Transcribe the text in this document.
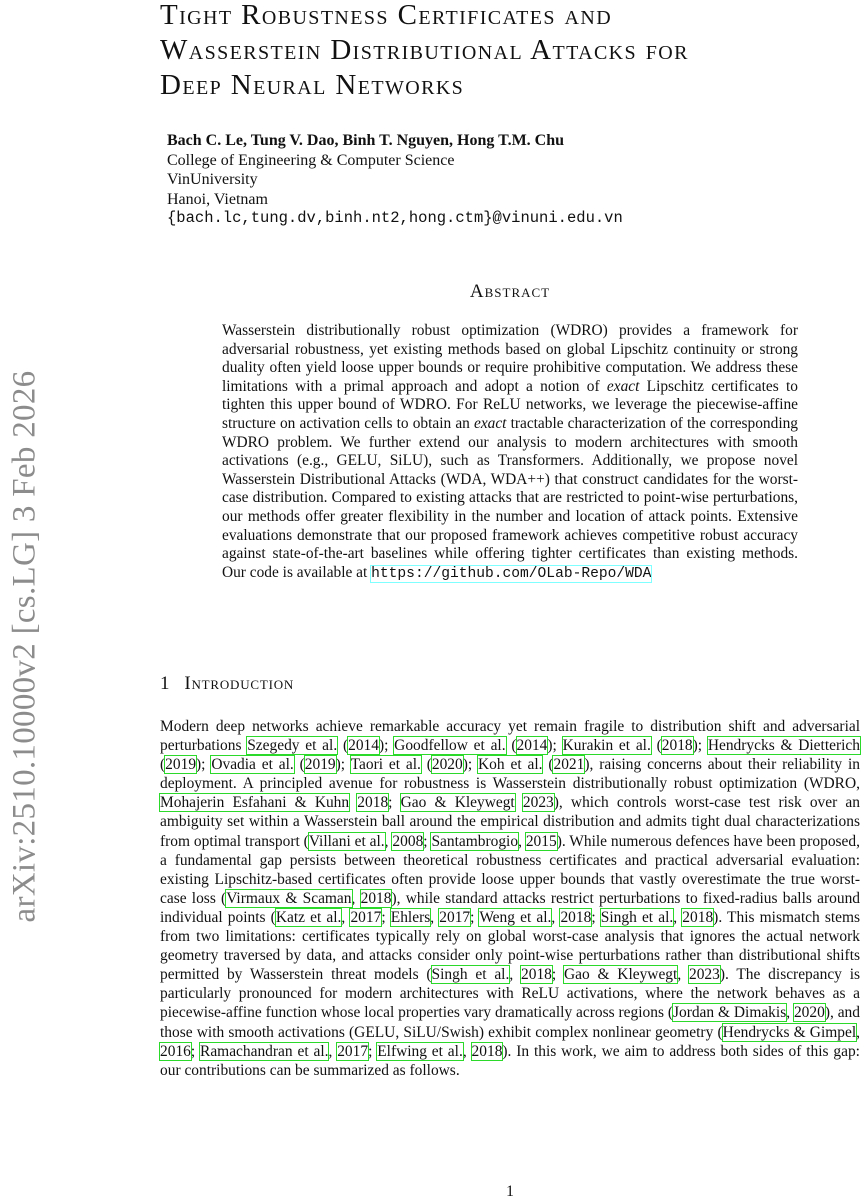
arXiv:2510.10000v2 [cs.LG] 3 Feb 2026
Tight Robustness Certificates and
Wasserstein Distributional Attacks for
Deep Neural Networks
Bach C. Le, Tung V. Dao, Binh T. Nguyen, Hong T.M. Chu
College of Engineering & Computer Science
VinUniversity
Hanoi, Vietnam
{bach.lc,tung.dv,binh.nt2,hong.ctm}@vinuni.edu.vn
Abstract
Wasserstein distributionally robust optimization (WDRO) provides a framework for adversarial robustness, yet existing methods based on global Lipschitz continuity or strong duality often yield loose upper bounds or require prohibitive computation. We address these limitations with a primal approach and adopt a notion of exact Lipschitz certificates to tighten this upper bound of WDRO. For ReLU networks, we leverage the piecewise-affine structure on activation cells to obtain an exact tractable characterization of the corresponding WDRO problem. We further extend our analysis to modern architectures with smooth activations (e.g., GELU, SiLU), such as Transformers. Additionally, we propose novel Wasserstein Distributional Attacks (WDA, WDA++) that construct candidates for the worst-case distribution. Compared to existing attacks that are restricted to point-wise perturbations, our methods offer greater flexibility in the number and location of attack points. Extensive evaluations demonstrate that our proposed framework achieves competitive robust accuracy against state-of-the-art baselines while offering tighter certificates than existing methods. Our code is available at https://github.com/OLab-Repo/WDA
1 Introduction
Modern deep networks achieve remarkable accuracy yet remain fragile to distribution shift and adversarial perturbations Szegedy et al. (2014); Goodfellow et al. (2014); Kurakin et al. (2018); Hendrycks & Dietterich (2019); Ovadia et al. (2019); Taori et al. (2020); Koh et al. (2021), raising concerns about their reliability in deployment. A principled avenue for robustness is Wasserstein distributionally robust optimization (WDRO, Mohajerin Esfahani & Kuhn 2018; Gao & Kleywegt 2023), which controls worst-case test risk over an ambiguity set within a Wasserstein ball around the empirical distribution and admits tight dual characterizations from optimal transport (Villani et al., 2008; Santambrogio, 2015). While numerous defences have been proposed, a fundamental gap persists between theoretical robustness certificates and practical adversarial evaluation: existing Lipschitz-based certificates often provide loose upper bounds that vastly overestimate the true worst-case loss (Virmaux & Scaman, 2018), while standard attacks restrict perturbations to fixed-radius balls around individual points (Katz et al., 2017; Ehlers, 2017; Weng et al., 2018; Singh et al., 2018). This mismatch stems from two limitations: certificates typically rely on global worst-case analysis that ignores the actual network geometry traversed by data, and attacks consider only point-wise perturbations rather than distributional shifts permitted by Wasserstein threat models (Singh et al., 2018; Gao & Kleywegt, 2023). The discrepancy is particularly pronounced for modern architectures with ReLU activations, where the network behaves as a piecewise-affine function whose local properties vary dramatically across regions (Jordan & Dimakis, 2020), and those with smooth activations (GELU, SiLU/Swish) exhibit complex nonlinear geometry (Hendrycks & Gimpel, 2016; Ramachandran et al., 2017; Elfwing et al., 2018). In this work, we aim to address both sides of this gap: our contributions can be summarized as follows.
1
